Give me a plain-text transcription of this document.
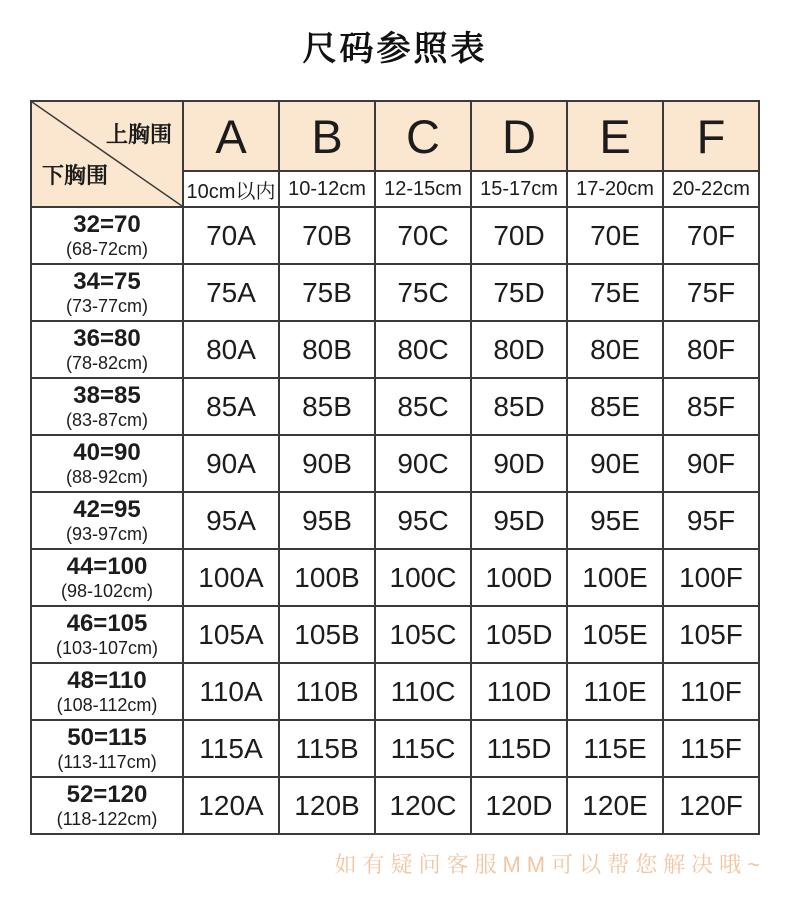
尺码参照表
上胸围
下胸围	A	B	C	D	E	F
	10cm以内	10-12cm	12-15cm	15-17cm	17-20cm	20-22cm

32=70
(68-72cm)	70A	70B	70C	70D	70E	70F

34=75
(73-77cm)	75A	75B	75C	75D	75E	75F

36=80
(78-82cm)	80A	80B	80C	80D	80E	80F

38=85
(83-87cm)	85A	85B	85C	85D	85E	85F

40=90
(88-92cm)	90A	90B	90C	90D	90E	90F

42=95
(93-97cm)	95A	95B	95C	95D	95E	95F

44=100
(98-102cm)	100A	100B	100C	100D	100E	100F

46=105
(103-107cm)	105A	105B	105C	105D	105E	105F

48=110
(108-112cm)	110A	110B	110C	110D	110E	110F

50=115
(113-117cm)	115A	115B	115C	115D	115E	115F

52=120
(118-122cm)	120A	120B	120C	120D	120E	120F
如有疑问客服MM可以帮您解决哦~
